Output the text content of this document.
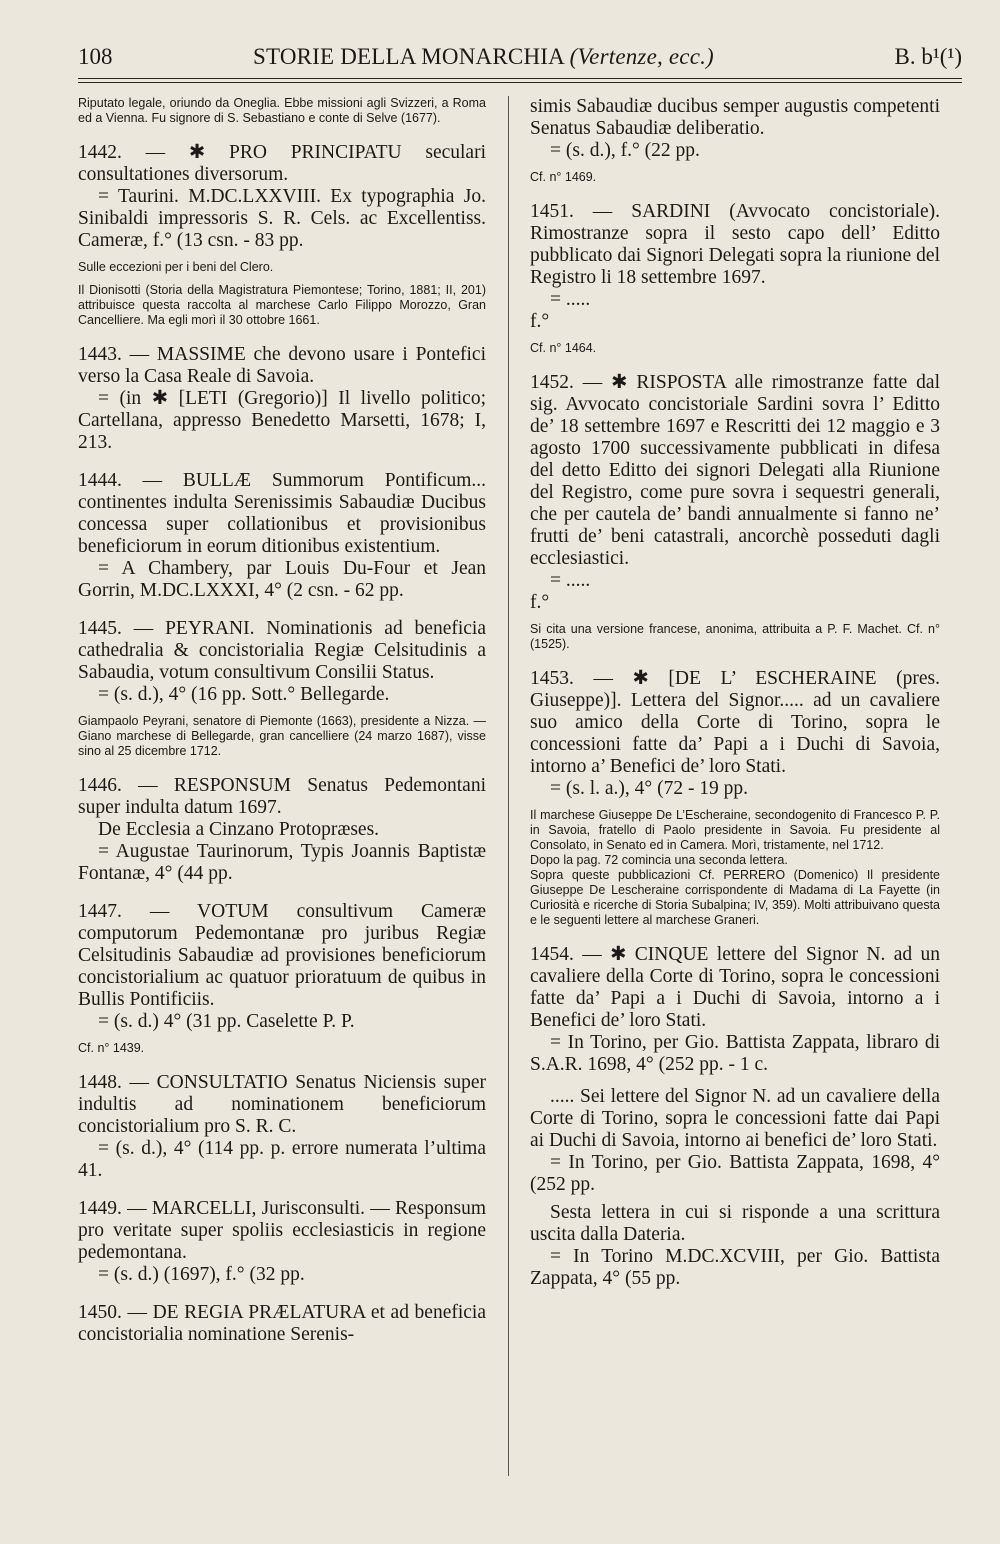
108	STORIE DELLA MONARCHIA (Vertenze, ecc.)	B. b¹(¹)

Riputato legale, oriundo da Oneglia. Ebbe missioni agli Svizzeri, a Roma ed a Vienna. Fu signore di S. Sebastiano e conte di Selve (1677).

1442. — ✱ PRO PRINCIPATU seculari consultationes diversorum.

= Taurini. M.DC.LXXVIII. Ex typographia Jo. Sinibaldi impressoris S. R. Cels. ac Excellentiss. Cameræ, f.° (13 csn. - 83 pp.

Sulle eccezioni per i beni del Clero.

Il Dionisotti (Storia della Magistratura Piemontese; Torino, 1881; II, 201) attribuisce questa raccolta al marchese Carlo Filippo Morozzo, Gran Cancelliere. Ma egli morì il 30 ottobre 1661.

1443. — MASSIME che devono usare i Pontefici verso la Casa Reale di Savoia.

= (in ✱ [LETI (Gregorio)] Il livello politico; Cartellana, appresso Benedetto Marsetti, 1678; I, 213.

1444. — BULLÆ Summorum Pontificum... continentes indulta Serenissimis Sabaudiæ Ducibus concessa super collationibus et provisionibus beneficiorum in eorum ditionibus existentium.

= A Chambery, par Louis Du-Four et Jean Gorrin, M.DC.LXXXI, 4° (2 csn. - 62 pp.

1445. — PEYRANI. Nominationis ad beneficia cathedralia & concistorialia Regiæ Celsitudinis a Sabaudia, votum consultivum Consilii Status.

= (s. d.), 4° (16 pp. Sott.° Bellegarde.

Giampaolo Peyrani, senatore di Piemonte (1663), presidente a Nizza. — Giano marchese di Bellegarde, gran cancelliere (24 marzo 1687), visse sino al 25 dicembre 1712.

1446. — RESPONSUM Senatus Pedemontani super indulta datum 1697.

De Ecclesia a Cinzano Protopræses.

= Augustae Taurinorum, Typis Joannis Baptistæ Fontanæ, 4° (44 pp.

1447. — VOTUM consultivum Cameræ computorum Pedemontanæ pro juribus Regiæ Celsitudinis Sabaudiæ ad provisiones beneficiorum concistorialium ac quatuor prioratuum de quibus in Bullis Pontificiis.

= (s. d.) 4° (31 pp. Caselette P. P.

Cf. n° 1439.

1448. — CONSULTATIO Senatus Niciensis super indultis ad nominationem beneficiorum concistorialium pro S. R. C.

= (s. d.), 4° (114 pp. p. errore numerata l’ultima 41.

1449. — MARCELLI, Jurisconsulti. — Responsum pro veritate super spoliis ecclesiasticis in regione pedemontana.

= (s. d.) (1697), f.° (32 pp.

1450. — DE REGIA PRÆLATURA et ad beneficia concistorialia nominatione Serenis-

simis Sabaudiæ ducibus semper augustis competenti Senatus Sabaudiæ deliberatio.

= (s. d.), f.° (22 pp.

Cf. n° 1469.

1451. — SARDINI (Avvocato concistoriale). Rimostranze sopra il sesto capo dell’ Editto pubblicato dai Signori Delegati sopra la riunione del Registro li 18 settembre 1697.

= .....

f.°

Cf. n° 1464.

1452. — ✱ RISPOSTA alle rimostranze fatte dal sig. Avvocato concistoriale Sardini sovra l’ Editto de’ 18 settembre 1697 e Rescritti dei 12 maggio e 3 agosto 1700 successivamente pubblicati in difesa del detto Editto dei signori Delegati alla Riunione del Registro, come pure sovra i sequestri generali, che per cautela de’ bandi annualmente si fanno ne’ frutti de’ beni catastrali, ancorchè posseduti dagli ecclesiastici.

= .....

f.°

Si cita una versione francese, anonima, attribuita a P. F. Machet. Cf. n° (1525).

1453. — ✱ [DE L’ ESCHERAINE (pres. Giuseppe)]. Lettera del Signor..... ad un cavaliere suo amico della Corte di Torino, sopra le concessioni fatte da’ Papi a i Duchi di Savoia, intorno a’ Benefici de’ loro Stati.

= (s. l. a.), 4° (72 - 19 pp.

Il marchese Giuseppe De L’Escheraine, secondogenito di Francesco P. P. in Savoia, fratello di Paolo presidente in Savoia. Fu presidente al Consolato, in Senato ed in Camera. Morì, tristamente, nel 1712.

Dopo la pag. 72 comincia una seconda lettera.

Sopra queste pubblicazioni Cf. PERRERO (Domenico) Il presidente Giuseppe De Lescheraine corrispondente di Madama di La Fayette (in Curiosità e ricerche di Storia Subalpina; IV, 359). Molti attribuivano questa e le seguenti lettere al marchese Graneri.

1454. — ✱ CINQUE lettere del Signor N. ad un cavaliere della Corte di Torino, sopra le concessioni fatte da’ Papi a i Duchi di Savoia, intorno a i Benefici de’ loro Stati.

= In Torino, per Gio. Battista Zappata, libraro di S.A.R. 1698, 4° (252 pp. - 1 c.

..... Sei lettere del Signor N. ad un cavaliere della Corte di Torino, sopra le concessioni fatte dai Papi ai Duchi di Savoia, intorno ai benefici de’ loro Stati.

= In Torino, per Gio. Battista Zappata, 1698, 4° (252 pp.

Sesta lettera in cui si risponde a una scrittura uscita dalla Dateria.

= In Torino M.DC.XCVIII, per Gio. Battista Zappata, 4° (55 pp.
